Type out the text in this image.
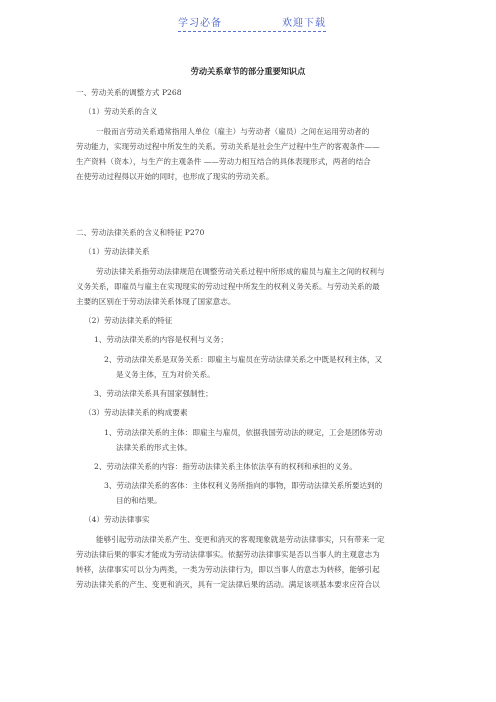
学习必备	欢迎下载
劳动关系章节的部分重要知识点
一、劳动关系的调整方式 P268
（1）劳动关系的含义
一般而言劳动关系通常指用人单位（雇主）与劳动者（雇员）之间在运用劳动者的
劳动能力，实现劳动过程中所发生的关系。劳动关系是社会生产过程中生产的客观条件——
生产资料（资本），与生产的主观条件 ——劳动力相互结合的具体表现形式，两者的结合
在使劳动过程得以开始的同时，也形成了现实的劳动关系。
二、劳动法律关系的含义和特征 P270
（1）劳动法律关系
劳动法律关系指劳动法律规范在调整劳动关系过程中所形成的雇员与雇主之间的权利与
义务关系，即雇员与雇主在实现现实的劳动过程中所发生的权利义务关系。与劳动关系的最
主要的区别在于劳动法律关系体现了国家意志。
（2）劳动法律关系的特征
1、劳动法律关系的内容是权利与义务；
2、劳动法律关系是双务关系：即雇主与雇员在劳动法律关系之中既是权利主体，又
是义务主体，互为对价关系。
3、劳动法律关系具有国家强制性；
（3）劳动法律关系的构成要素
1、劳动法律关系的主体：即雇主与雇员，依据我国劳动法的规定，工会是团体劳动
法律关系的形式主体。
2、劳动法律关系的内容：指劳动法律关系主体依法享有的权利和承担的义务。
3、劳动法律关系的客体：主体权利义务所指向的事物，即劳动法律关系所要达到的
目的和结果。
（4）劳动法律事实
能够引起劳动法律关系产生、变更和消灭的客观现象就是劳动法律事实，只有带来一定
劳动法律后果的事实才能成为劳动法律事实。依据劳动法律事实是否以当事人的主观意志为
转移，法律事实可以分为两类，一类为劳动法律行为，即以当事人的意志为转移，能够引起
劳动法律关系的产生、变更和消灭，具有一定法律后果的活动。满足该项基本要求应符合以
